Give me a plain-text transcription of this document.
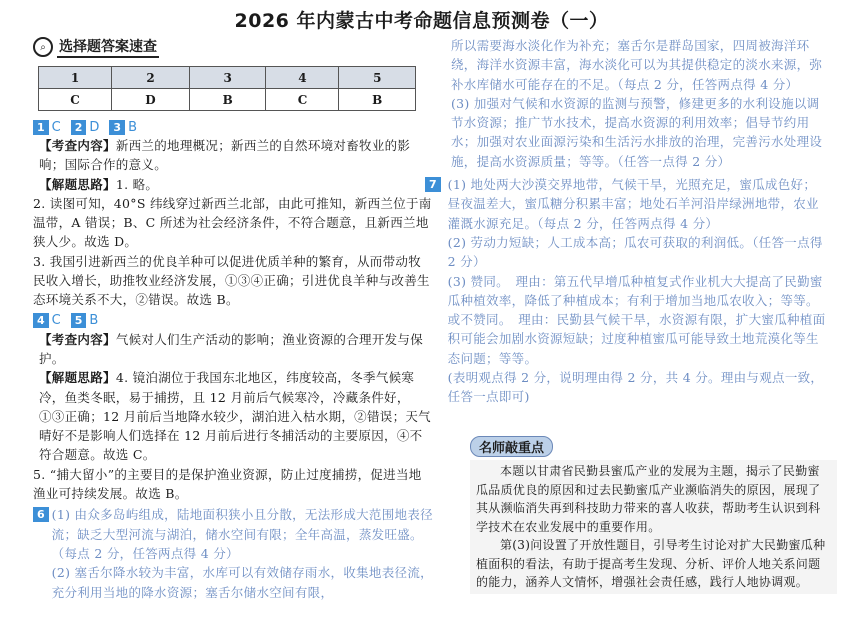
2026 年内蒙古中考命题信息预测卷（一）
⌕ 选择题答案速查
1	2	3	4	5
C	D	B	C	B
1 C	2 D	3 B

【考查内容】新西兰的地理概况；新西兰的自然环境对畜牧业的影响；国际合作的意义。

【解题思路】1. 略。

2. 读图可知，40°S 纬线穿过新西兰北部，由此可推知，新西兰位于南温带，A 错误；B、C 所述为社会经济条件，不符合题意，且新西兰地狭人少。故选 D。

3. 我国引进新西兰的优良羊种可以促进优质羊种的繁育，从而带动牧民收入增长，助推牧业经济发展，①③④正确；引进优良羊种与改善生态环境关系不大，②错误。故选 B。

4 C	5 B

【考查内容】气候对人们生产活动的影响；渔业资源的合理开发与保护。

【解题思路】4. 镜泊湖位于我国东北地区，纬度较高，冬季气候寒冷，鱼类冬眠，易于捕捞，且 12 月前后气候寒冷，冷藏条件好，①③正确；12 月前后当地降水较少，湖泊进入枯水期，②错误；天气晴好不是影响人们选择在 12 月前后进行冬捕活动的主要原因，④不符合题意。故选 C。

5. “捕大留小”的主要目的是保护渔业资源，防止过度捕捞，促进当地渔业可持续发展。故选 B。

6 (1) 由众多岛屿组成，陆地面积狭小且分散，无法形成大范围地表径流；缺乏大型河流与湖泊，储水空间有限；全年高温，蒸发旺盛。（每点 2 分，任答两点得 4 分）

(2) 塞舌尔降水较为丰富，水库可以有效储存雨水，收集地表径流，充分利用当地的降水资源；塞舌尔储水空间有限，

所以需要海水淡化作为补充；塞舌尔是群岛国家，四周被海洋环绕，海洋水资源丰富，海水淡化可以为其提供稳定的淡水来源，弥补水库储水可能存在的不足。（每点 2 分，任答两点得 4 分）

(3) 加强对气候和水资源的监测与预警，修建更多的水利设施以调节水资源；推广节水技术，提高水资源的利用效率；倡导节约用水；加强对农业面源污染和生活污水排放的治理，完善污水处理设施，提高水资源质量；等等。（任答一点得 2 分）

7 (1) 地处两大沙漠交界地带，气候干旱，光照充足，蜜瓜成色好；昼夜温差大，蜜瓜糖分积累丰富；地处石羊河沿岸绿洲地带，农业灌溉水源充足。（每点 2 分，任答两点得 4 分）

(2) 劳动力短缺；人工成本高；瓜农可获取的利润低。（任答一点得 2 分）

(3) 赞同。　理由：第五代早增瓜种植复式作业机大大提高了民勤蜜瓜种植效率，降低了种植成本；有利于增加当地瓜农收入；等等。

或不赞同。　理由：民勤县气候干旱，水资源有限，扩大蜜瓜种植面积可能会加剧水资源短缺；过度种植蜜瓜可能导致土地荒漠化等生态问题；等等。

(表明观点得 2 分，说明理由得 2 分，共 4 分。理由与观点一致，任答一点即可)

名师敲重点

本题以甘肃省民勤县蜜瓜产业的发展为主题，揭示了民勤蜜瓜品质优良的原因和过去民勤蜜瓜产业濒临消失的原因，展现了其从濒临消失再到科技助力带来的喜人收获，帮助考生认识到科学技术在农业发展中的重要作用。

第(3)问设置了开放性题目，引导考生讨论对扩大民勤蜜瓜种植面积的看法，有助于提高考生发现、分析、评价人地关系问题的能力，涵养人文情怀，增强社会责任感，践行人地协调观。
